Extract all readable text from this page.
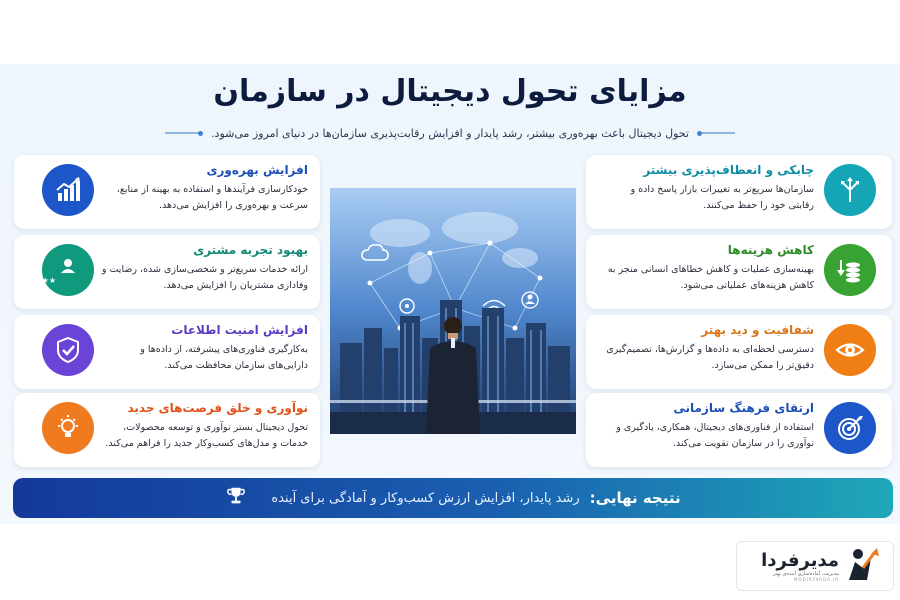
مزایای تحول دیجیتال در سازمان
تحول دیجیتال باعث بهره‌وری بیشتر، رشد پایدار و افزایش رقابت‌پذیری سازمان‌ها در دنیای امروز می‌شود.
افزایش بهره‌وری
خودکارسازی فرآیندها و استفاده به‌ بهینه از منابع، سرعت و بهره‌وری را افزایش می‌دهد.
بهبود تجربه مشتری
ارائه خدمات سریع‌تر و شخصی‌سازی شده، رضایت و وفاداری مشتریان را افزایش می‌دهد.
★★★
افزایش امنیت اطلاعات
به‌کارگیری فناوری‌های پیشرفته، از داده‌ها و دارایی‌های سازمان محافظت می‌کند.
نوآوری و خلق فرصت‌های جدید
تحول دیجیتال بستر نوآوری و توسعه محصولات، خدمات و مدل‌های کسب‌وکار جدید را فراهم می‌کند.
چابکی و انعطاف‌پذیری بیشتر
سازمان‌ها سریع‌تر به تغییرات بازار پاسخ داده و رقابتی خود را حفظ می‌کنند.
کاهش هزینه‌ها
بهینه‌سازی عملیات و کاهش خطاهای انسانی منجر به کاهش هزینه‌های عملیاتی می‌شود.
شفافیت و دید بهتر
دسترسی لحظه‌ای به داده‌ها و گزارش‌ها، تصمیم‌گیری دقیق‌تر را ممکن می‌سازد.
ارتقای فرهنگ سازمانی
استفاده از فناوری‌های دیجیتال، همکاری، یادگیری و نوآوری را در سازمان تقویت می‌کند.
نتیجه نهایی:
رشد پایدار، افزایش ارزش کسب‌وکار و آمادگی برای آینده
مدیرفردا
مدیریت، آماده‌سازی آینده‌ی بهتر
MODIRFARDA.IR
